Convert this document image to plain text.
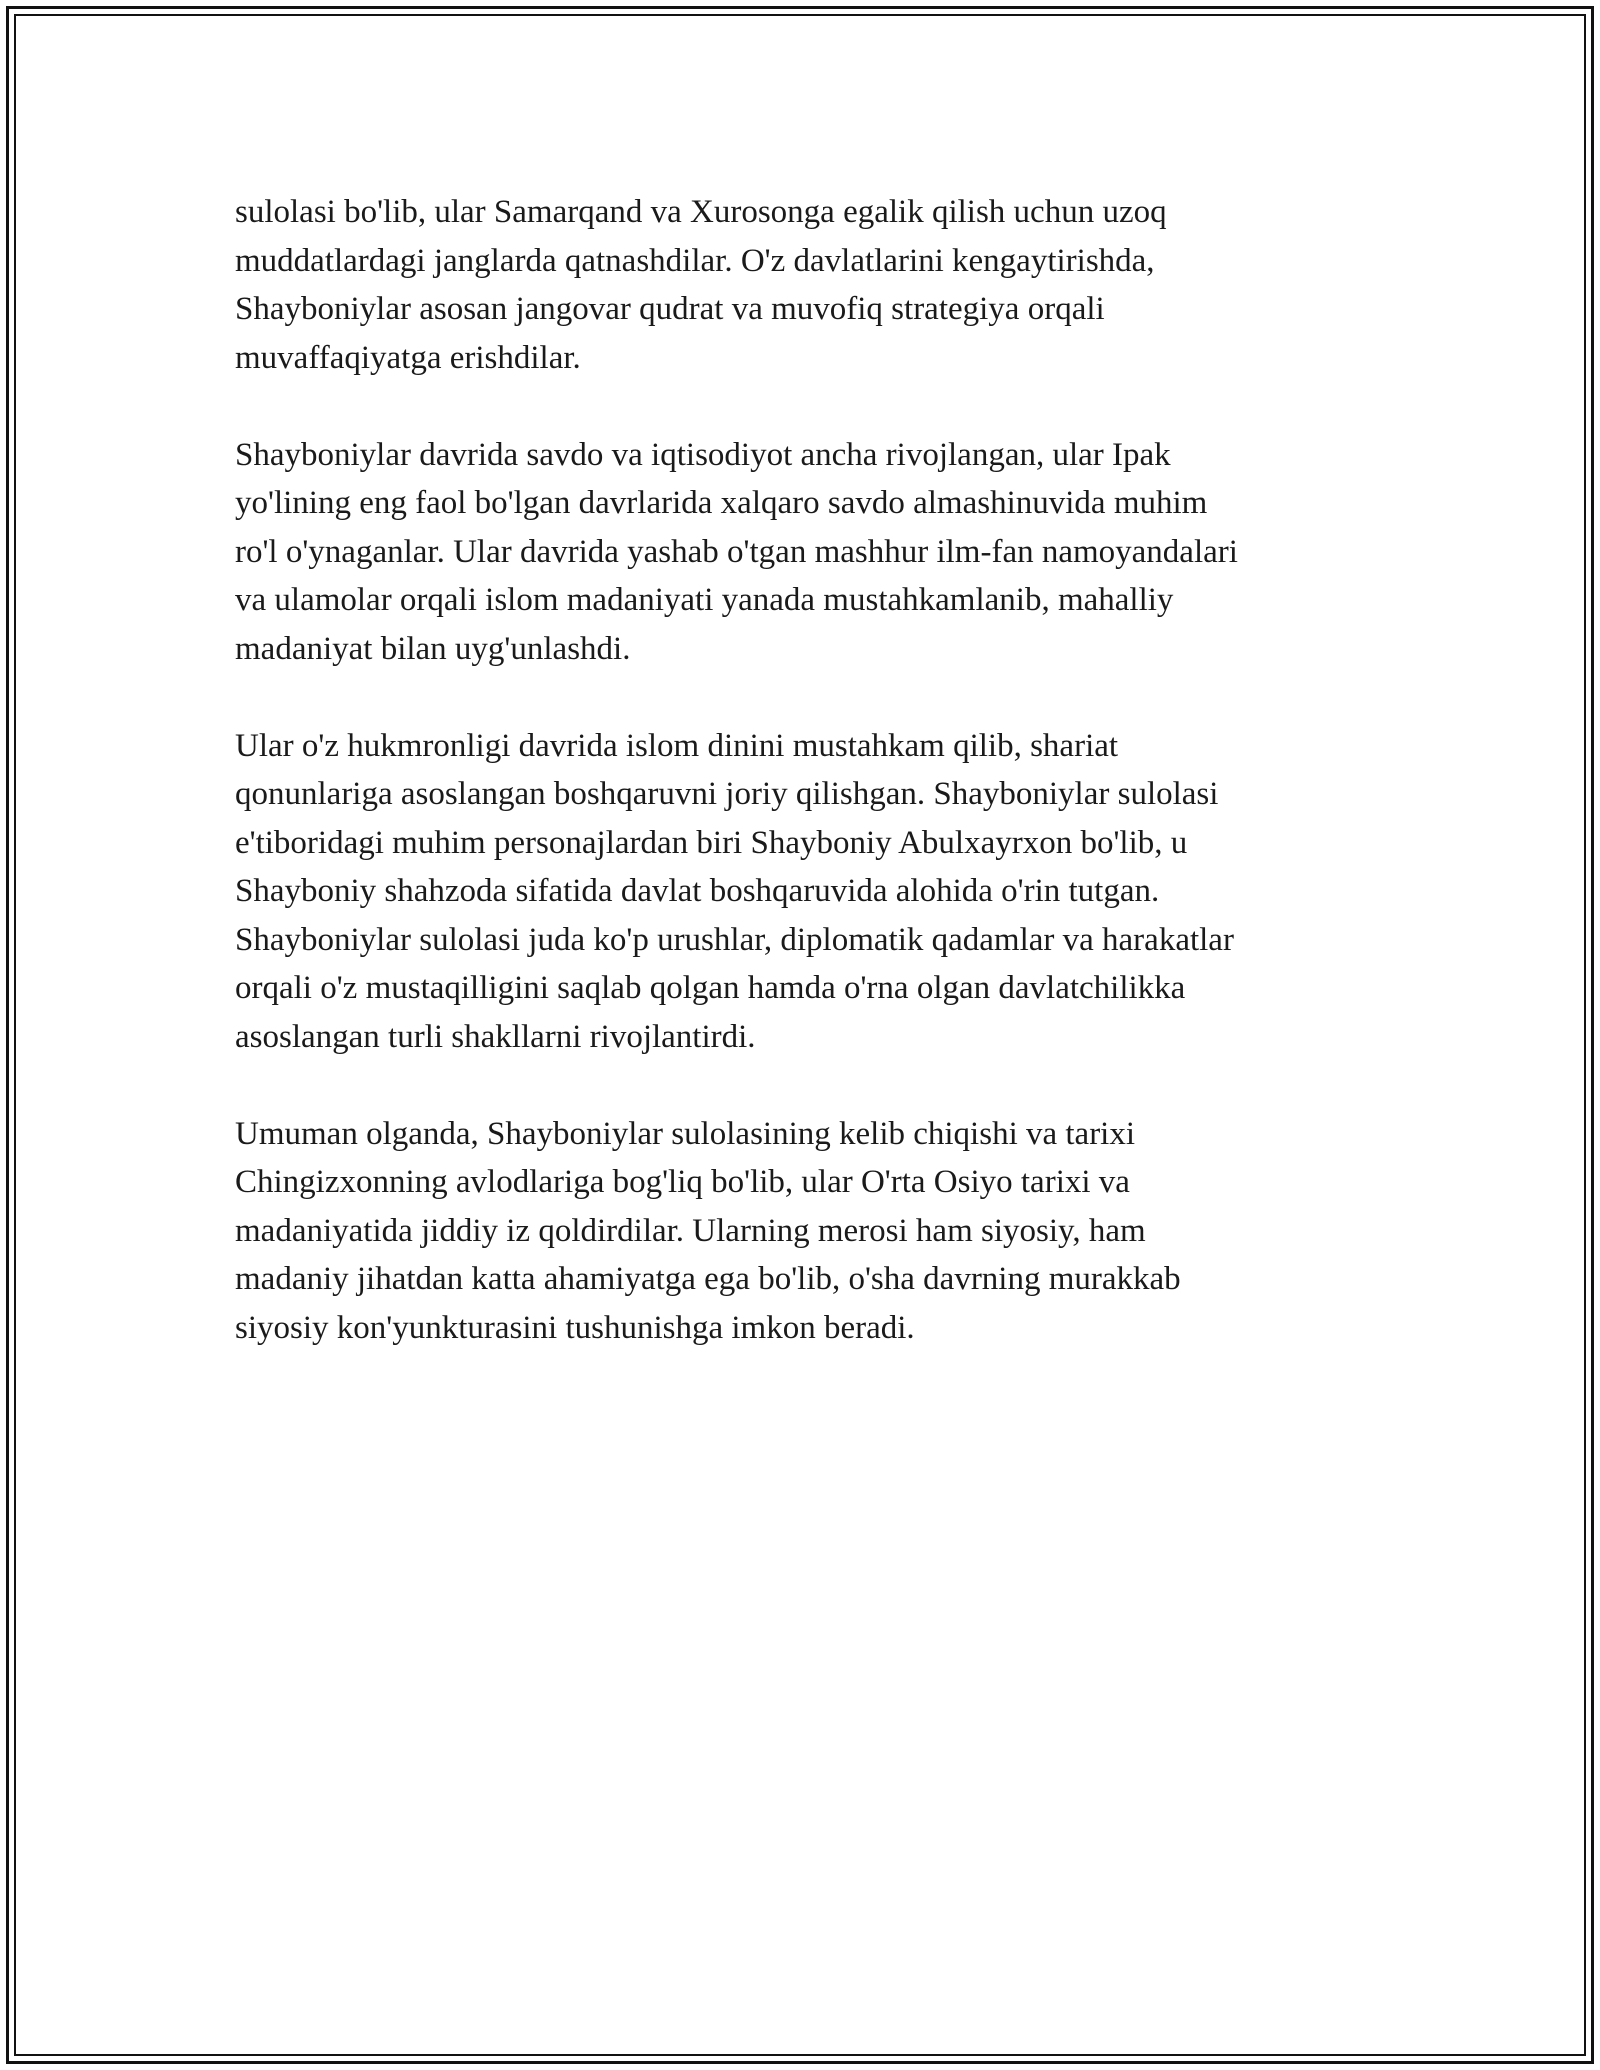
sulolasi bo'lib, ular Samarqand va Xurosonga egalik qilish uchun uzoq
muddatlardagi janglarda qatnashdilar. O'z davlatlarini kengaytirishda,
Shayboniylar asosan jangovar qudrat va muvofiq strategiya orqali
muvaffaqiyatga erishdilar.

Shayboniylar davrida savdo va iqtisodiyot ancha rivojlangan, ular Ipak
yo'lining eng faol bo'lgan davrlarida xalqaro savdo almashinuvida muhim
ro'l o'ynaganlar. Ular davrida yashab o'tgan mashhur ilm-fan namoyandalari
va ulamolar orqali islom madaniyati yanada mustahkamlanib, mahalliy
madaniyat bilan uyg'unlashdi.

Ular o'z hukmronligi davrida islom dinini mustahkam qilib, shariat
qonunlariga asoslangan boshqaruvni joriy qilishgan. Shayboniylar sulolasi
e'tiboridagi muhim personajlardan biri Shayboniy Abulxayrxon bo'lib, u
Shayboniy shahzoda sifatida davlat boshqaruvida alohida o'rin tutgan.
Shayboniylar sulolasi juda ko'p urushlar, diplomatik qadamlar va harakatlar
orqali o'z mustaqilligini saqlab qolgan hamda o'rna olgan davlatchilikka
asoslangan turli shakllarni rivojlantirdi.

Umuman olganda, Shayboniylar sulolasining kelib chiqishi va tarixi
Chingizxonning avlodlariga bog'liq bo'lib, ular O'rta Osiyo tarixi va
madaniyatida jiddiy iz qoldirdilar. Ularning merosi ham siyosiy, ham
madaniy jihatdan katta ahamiyatga ega bo'lib, o'sha davrning murakkab
siyosiy kon'yunkturasini tushunishga imkon beradi.
